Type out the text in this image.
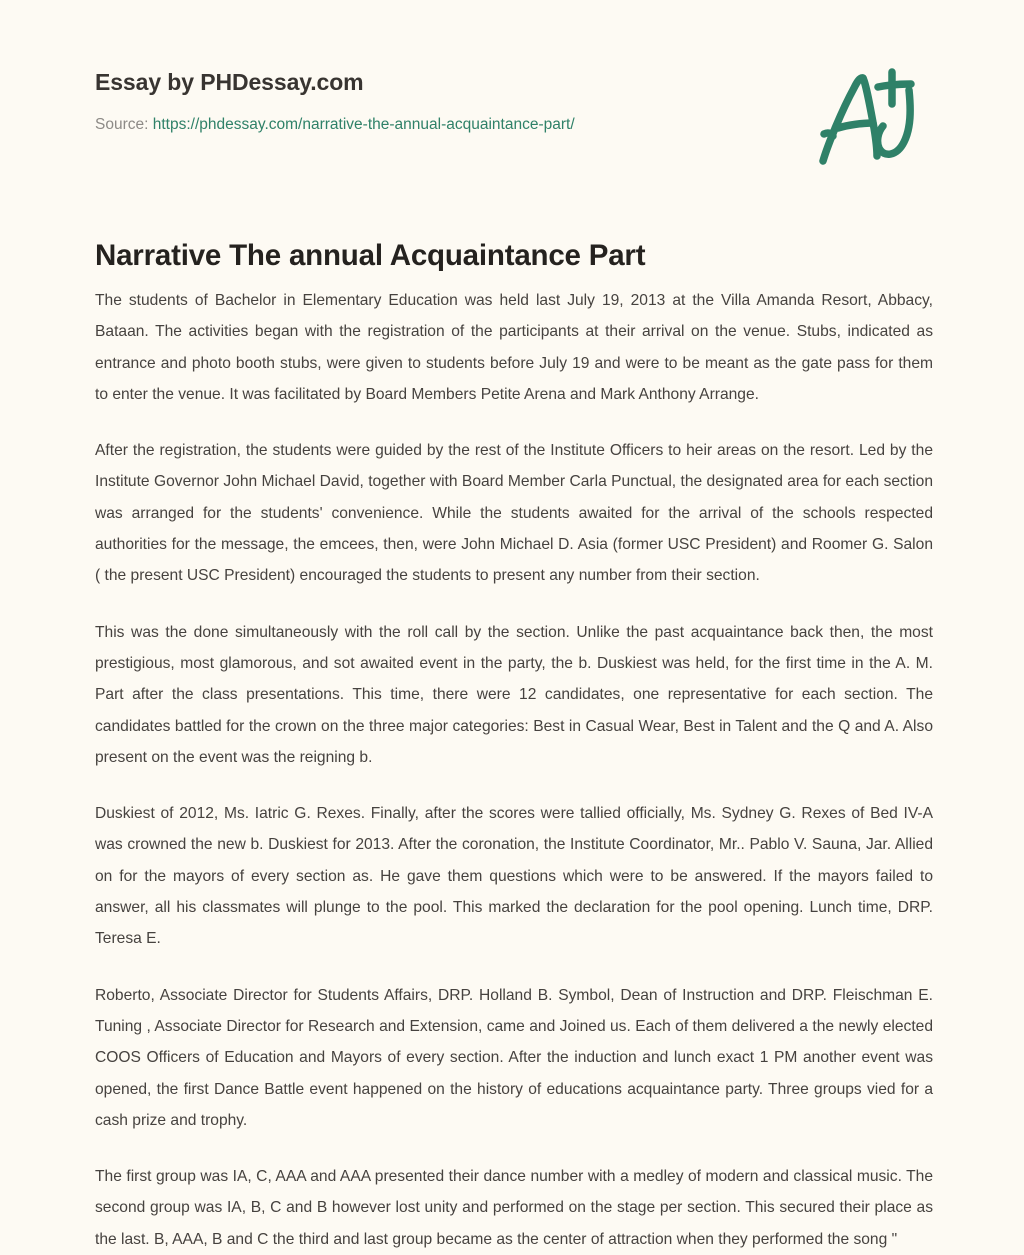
Essay by PHDessay.com
Source: https://phdessay.com/narrative-the-annual-acquaintance-part/
Narrative The annual Acquaintance Part

The students of Bachelor in Elementary Education was held last July 19, 2013 at the Villa Amanda Resort, Abbacy, Bataan. The activities began with the registration of the participants at their arrival on the venue. Stubs, indicated as entrance and photo booth stubs, were given to students before July 19 and were to be meant as the gate pass for them to enter the venue. It was facilitated by Board Members Petite Arena and Mark Anthony Arrange.

After the registration, the students were guided by the rest of the Institute Officers to heir areas on the resort. Led by the Institute Governor John Michael David, together with Board Member Carla Punctual, the designated area for each section was arranged for the students' convenience. While the students awaited for the arrival of the schools respected authorities for the message, the emcees, then, were John Michael D. Asia (former USC President) and Roomer G. Salon ( the present USC President) encouraged the students to present any number from their section.

This was the done simultaneously with the roll call by the section. Unlike the past acquaintance back then, the most prestigious, most glamorous, and sot awaited event in the party, the b. Duskiest was held, for the first time in the A. M. Part after the class presentations. This time, there were 12 candidates, one representative for each section. The candidates battled for the crown on the three major categories: Best in Casual Wear, Best in Talent and the Q and A. Also present on the event was the reigning b.

Duskiest of 2012, Ms. Iatric G. Rexes. Finally, after the scores were tallied officially, Ms. Sydney G. Rexes of Bed IV-A was crowned the new b. Duskiest for 2013. After the coronation, the Institute Coordinator, Mr.. Pablo V. Sauna, Jar. Allied on for the mayors of every section as. He gave them questions which were to be answered. If the mayors failed to answer, all his classmates will plunge to the pool. This marked the declaration for the pool opening. Lunch time, DRP. Teresa E.

Roberto, Associate Director for Students Affairs, DRP. Holland B. Symbol, Dean of Instruction and DRP. Fleischman E. Tuning , Associate Director for Research and Extension, came and Joined us. Each of them delivered a the newly elected COOS Officers of Education and Mayors of every section. After the induction and lunch exact 1 PM another event was opened, the first Dance Battle event happened on the history of educations acquaintance party. Three groups vied for a cash prize and trophy.

The first group was IA, C, AAA and AAA presented their dance number with a medley of modern and classical music. The second group was IA, B, C and B however lost unity and performed on the stage per section. This secured their place as the last. B, AAA, B and C the third and last group became as the center of attraction when they performed the song "
